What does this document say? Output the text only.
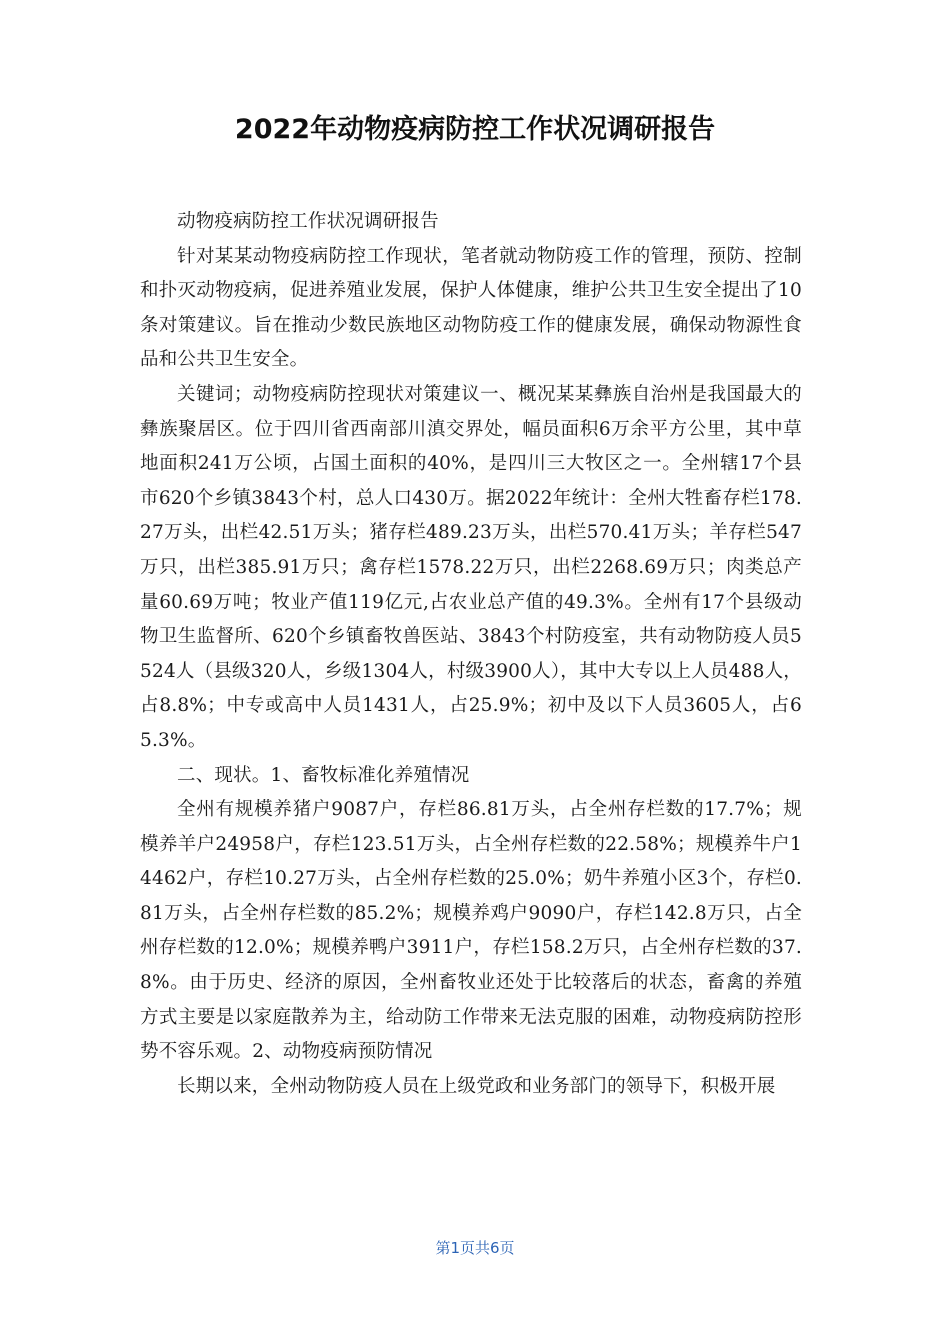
2022年动物疫病防控工作状况调研报告

动物疫病防控工作状况调研报告

针对某某动物疫病防控工作现状，笔者就动物防疫工作的管理，预防、控制和扑灭动物疫病，促进养殖业发展，保护人体健康，维护公共卫生安全提出了10条对策建议。旨在推动少数民族地区动物防疫工作的健康发展，确保动物源性食品和公共卫生安全。

关键词；动物疫病防控现状对策建议一、概况某某彝族自治州是我国最大的彝族聚居区。位于四川省西南部川滇交界处，幅员面积6万余平方公里，其中草地面积241万公顷，占国土面积的40%，是四川三大牧区之一。全州辖17个县市620个乡镇3843个村，总人口430万。据2022年统计：全州大牲畜存栏178.27万头，出栏42.51万头；猪存栏489.23万头，出栏570.41万头；羊存栏547万只，出栏385.91万只；禽存栏1578.22万只，出栏2268.69万只；肉类总产量60.69万吨；牧业产值119亿元,占农业总产值的49.3%。全州有17个县级动物卫生监督所、620个乡镇畜牧兽医站、3843个村防疫室，共有动物防疫人员5524人（县级320人，乡级1304人，村级3900人），其中大专以上人员488人，占8.8%；中专或高中人员1431人，占25.9%；初中及以下人员3605人，占65.3%。

二、现状。1、畜牧标准化养殖情况

全州有规模养猪户9087户，存栏86.81万头，占全州存栏数的17.7%；规模养羊户24958户，存栏123.51万头，占全州存栏数的22.58%；规模养牛户14462户，存栏10.27万头，占全州存栏数的25.0%；奶牛养殖小区3个，存栏0.81万头，占全州存栏数的85.2%；规模养鸡户9090户，存栏142.8万只，占全州存栏数的12.0%；规模养鸭户3911户，存栏158.2万只，占全州存栏数的37.8%。由于历史、经济的原因，全州畜牧业还处于比较落后的状态，畜禽的养殖方式主要是以家庭散养为主，给动防工作带来无法克服的困难，动物疫病防控形势不容乐观。2、动物疫病预防情况

长期以来，全州动物防疫人员在上级党政和业务部门的领导下，积极开展

第1页共6页
